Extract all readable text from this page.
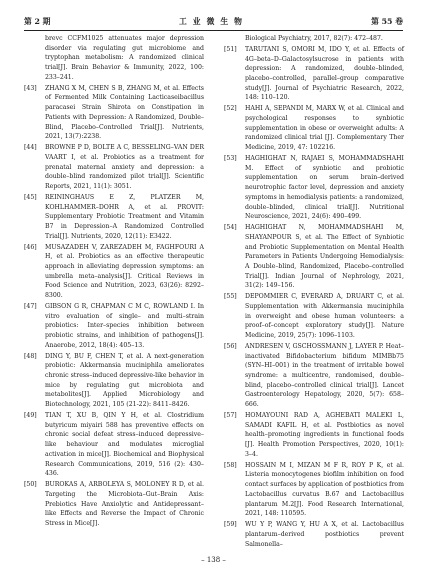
第 2 期	工业微生物	第 55 卷
brevc CCFM1025 attenuates major depression disorder via regulating gut microbiome and tryptophan metabolism: A randomized clinical trial[J]. Brain Behavior & Immunity, 2022, 100: 233–241.
[43] ZHANG X M, CHEN S B, ZHANG M, et al. Effects of Fermented Milk Containing Lacticaseibacillus paracasei Strain Shirota on Constipation in Patients with Depression: A Randomized, Double–Blind, Placebo–Controlled Trial[J]. Nutrients, 2021, 13(7):2238.
[44] BROWNE P D, BOLTE A C, BESSELING–VAN DER VAART I, et al. Probiotics as a treatment for prenatal maternal anxiety and depression: a double–blind randomized pilot trial[J]. Scientific Reports, 2021, 11(1): 3051.
[45] REININGHAUS E Z, PLATZER M, KOHLHAMMER–DOHR A, et al. PROVIT: Supplementary Probiotic Treatment and Vitamin B7 in Depression–A Randomized Controlled Trial[J]. Nutrients, 2020, 12(11): E3422.
[46] MUSAZADEH V, ZAREZADEH M, FAGHFOURI A H, et al. Probiotics as an effective therapeutic approach in alleviating depression symptoms: an umbrella meta–analysis[J]. Critical Reviews in Food Science and Nutrition, 2023, 63(26): 8292–8300.
[47] GIBSON G R, CHAPMAN C M C, ROWLAND I. In vitro evaluation of single– and multi–strain probiotics: Inter–species inhibition between probiotic strains, and inhibition of pathogens[J]. Anaerobe, 2012, 18(4): 405–13.
[48] DING Y, BU F, CHEN T, et al. A next-generation probiotic: Akkermansia muciniphila ameliorates chronic stress–induced depressive-like behavior in mice by regulating gut microbiota and metabolites[J]. Applied Microbiology and Biotechnology, 2021, 105 (21-22): 8411–8426.
[49] TIAN T, XU B, QIN Y H, et al. Clostridium butyricum miyairi 588 has preventive effects on chronic social defeat stress–induced depressive–like behaviour and modulates microglial activation in mice[J]. Biochemical and Biophysical Research Communications, 2019, 516 (2): 430–436.
[50] BUROKAS A, ARBOLEYA S, MOLONEY R D, et al. Targeting the Microbiota–Gut–Brain Axis: Prebiotics Have Anxiolytic and Antidepressant–like Effects and Reverse the Impact of Chronic Stress in Mice[J].
Biological Psychiatry, 2017, 82(7): 472–487.
[51] TARUTANI S, OMORI M, IDO Y, et al. Effects of 4G–beta–D–Galactosylsucrose in patients with depression: A randomized, double–blinded, placebo–controlled, parallel–group comparative study[J]. Journal of Psychiatric Research, 2022, 148: 110–120.
[52] HAHI A, SEPANDI M, MARX W, et al. Clinical and psychological responses to synbiotic supplementation in obese or overweight adults: A randomized clinical trial [J]. Complementary Ther Medicine, 2019, 47: 102216.
[53] HAGHIGHAT N, RAJAEI S, MOHAMMADSHAHI M. Effect of synbiotic and probiotic supplementation on serum brain–derived neurotrophic factor level, depression and anxiety symptoms in hemodialysis patients: a randomized, double–blinded, clinical trial[J]. Nutritional Neuroscience, 2021, 24(6): 490–499.
[54] HAGHIGHAT N, MOHAMMADSHAHI M, SHAYANPOUR S, et al. The Effect of Synbiotic and Probiotic Supplementation on Mental Health Parameters in Patients Undergoing Hemodialysis: A Double–blind, Randomized, Placebo–controlled Trial[J]. Indian Journal of Nephrology, 2021, 31(2): 149–156.
[55] DEPOMMIER C, EVERARD A, DRUART C, et al. Supplementation with Akkermansia muciniphila in overweight and obese human volunteers: a proof–of–concept exploratory study[J]. Nature Medicine, 2019, 25(7): 1096–1103.
[56] ANDRESEN V, GSCHOSSMANN J, LAYER P. Heat–inactivated Bifidobacterium bifidum MIMBb75 (SYN–HI–001) in the treatment of irritable bowel syndrome: a multicentre, randomised, double–blind, placebo–controlled clinical trial[J]. Lancet Gastroenterology Hepatology, 2020, 5(7): 658–666.
[57] HOMAYOUNI RAD A, AGHEBATI MALEKI L, SAMADI KAFIL H, et al. Postbiotics as novel health–promoting ingredients in functional foods [J]. Health Promotion Perspectives, 2020, 10(1): 3–4.
[58] HOSSAIN M I, MIZAN M F R, ROY P K, et al. Listeria monocytogenes biofilm inhibition on food contact surfaces by application of postbiotics from Lactobacillus curvatus B.67 and Lactobacillus plantarum M.2[J]. Food Research International, 2021, 148: 110595.
[59] WU Y P, WANG Y, HU A X, et al. Lactobacillus plantarum–derived postbiotics prevent Salmonella–
– 138 –
